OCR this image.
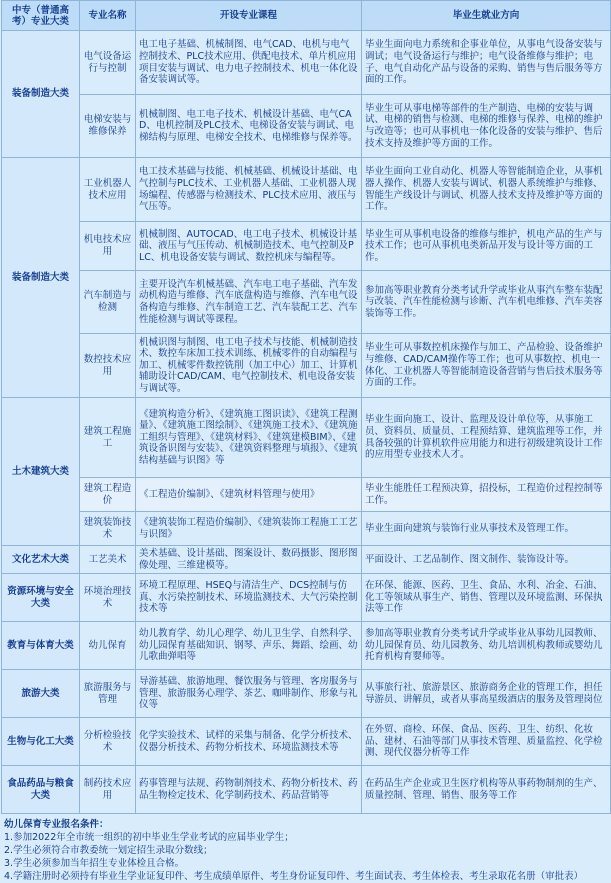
中专（普通高考）专业大类	专业名称	开设专业课程	毕业生就业方向
装备制造大类	电气设备运行与控制	电工电子基础、机械制图、电气CAD、电机与电气控制技术、PLC技术应用、供配电技术、单片机应用项目安装与调试、电力电子控制技术、机电一体化设备安装调试等。	毕业生面向电力系统和企事业单位，从事电气设备安装与调试；电气设备运行与维护；电气设备维修与维护；电子、电气自动化产品与设备的采购、销售与售后服务等方面的工作。
	电梯安装与维修保养	机械制图、电工电子技术、机械设计基础、电气CAD、电机控制及PLC技术、电梯设备安装与调试、电梯结构与原理、电梯安全技术、电梯维修与保养等。	毕业生可从事电梯等部件的生产制造、电梯的安装与调试、电梯的销售与检测、电梯的维修与保养、电梯的维护与改造等；也可从事机电一体化设备的安装与维护、售后技术支持及维护等方面的工作。
装备制造大类	工业机器人技术应用	电工技术基础与技能、机械基础、机械设计基础、电气控制与PLC技术、工业机器人基础、工业机器人现场编程、传感器与检测技术、PLC技术应用、液压与气压等。	毕业生面向工业自动化、机器人等智能制造企业，从事机器人操作、机器人安装与调试、机器人系统维护与维修、智能生产线设计与调试、机器人技术支持及维护等方面的工作。
	机电技术应用	机械制图、AUTOCAD、电工电子技术、机械设计基础、液压与气压传动、机械制造技术、电气控制及PLC、机电设备安装与调试、数控机床与编程等。	毕业生可从事机电设备的维修与维护，机电产品的生产与技术工作；也可从事机电类新品开发与设计等方面的工作。
	汽车制造与检测	主要开设汽车机械基础、汽车电工电子基础、汽车发动机构造与维修、汽车底盘构造与维修、汽车电气设备构造与维修、汽车制造工艺、汽车装配工艺、汽车性能检测与调试等课程。	参加高等职业教育分类考试升学或毕业从事汽车整车装配与改装、汽车性能检测与诊断、汽车机电维修、汽车美容装饰等工作。
	数控技术应用	机械识图与制图、电工电子技术与技能、机械制造技术、数控车床加工技术训练、机械零件的自动编程与加工、机械零件数控铣削（加工中心）加工、计算机辅助设计CAD/CAM、电气控制技术、机电设备安装与调试等。	毕业生可从事数控机床操作与加工、产品检验、设备维护与维修、CAD/CAM操作等工作；也可从事数控、机电一体化、工业机器人等智能制造设备营销与售后技术服务等方面的工作。
土木建筑大类	建筑工程施工	《建筑构造分析》、《建筑施工图识读》、《建筑工程测量》、《建筑施工图绘制》、《建筑施工技术》、《建筑施工组织与管理》、《建筑材料》、《建筑建模BIM》、《建筑设备识图与安装》、《建筑资料整理与填报》、《建筑结构基础与识图》等	毕业生面向施工、设计、监理及设计单位等，从事施工员、资料员、质量员、工程预结算、建筑监理等工作，并具备较强的计算机软件应用能力和进行初级建筑设计工作的应用型专业技术人才。
	建筑工程造价	《工程造价编制》、《建筑材料管理与使用》	毕业生能胜任工程预决算，招投标，工程造价过程控制等工作。
	建筑装饰技术	《建筑装饰工程造价编制》、《建筑装饰工程施工工艺与识图》	毕业生面向建筑与装饰行业从事技术及管理工作。
文化艺术大类	工艺美术	美术基础、设计基础、图案设计、数码摄影、图形图像处理、三维建模等。	平面设计、工艺品制作、图文制作、装饰设计等。
资源环境与安全大类	环境治理技术	环境工程原理、HSEQ与清洁生产、DCS控制与仿真、水污染控制技术、环境监测技术、大气污染控制技术等	在环保、能源、医药、卫生、食品、水利、冶金、石油、化工等领域从事生产、销售、管理以及环境监测、环保执法等工作
教育与体育大类	幼儿保育	幼儿教育学、幼儿心理学、幼儿卫生学、自然科学、幼儿园保育基础知识、钢琴、声乐、舞蹈、绘画、幼儿歌曲弹唱等	参加高等职业教育分类考试升学或毕业从事幼儿园教师、幼儿园保育员、幼儿园教务、幼儿培训机构教师或婴幼儿托育机构育婴师等。
旅游大类	旅游服务与管理	导游基础、旅游地理、餐饮服务与管理、客房服务与管理、旅游服务心理学、茶艺、咖啡制作、形象与礼仪等	从事旅行社、旅游景区、旅游商务企业的管理工作，担任导游员、讲解员，或者从事高星级酒店的服务及管理岗位
生物与化工大类	分析检验技术	化学实验技术、试样的采集与制备、化学分析技术、仪器分析技术、药物分析技术、环境监测技术等	在外贸、商检、环保、食品、医药、卫生、纺织、化妆品、建材、石油等部门从事技术管理、质量监控、化学检测、现代仪器分析等工作
食品药品与粮食大类	制药技术应用	药事管理与法规、药物制剂技术、药物分析技术、药品生物检定技术、化学制药技术、药品营销等	在药品生产企业或卫生医疗机构等从事药物制剂的生产、质量控制、管理、销售、服务等工作
幼儿保育专业报名条件：
1.参加2022年全市统一组织的初中毕业生学业考试的应届毕业学生；
2.学生必须符合市教委统一划定招生录取分数线；
3.学生必须参加当年招生专业体检且合格。
4.学籍注册时必须持有毕业生学业证复印件、考生成绩单原件、考生身份证复印件、考生面试表、考生体检表、考生录取花名册（审批表）
